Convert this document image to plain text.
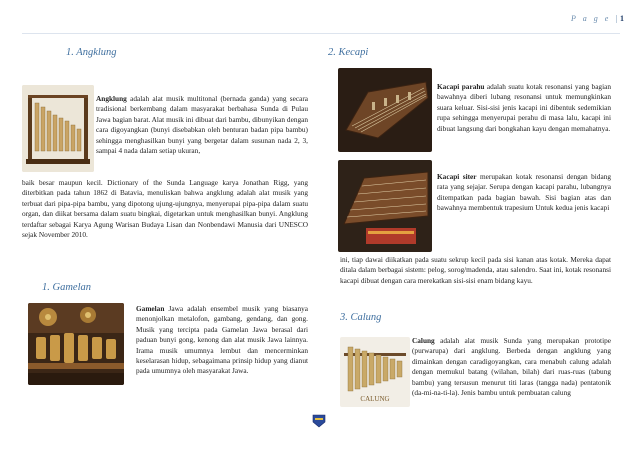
P a g e |1
1. Angklung
Angklung adalah alat musik multitonal (bernada ganda) yang secara tradisional berkembang dalam masyarakat berbahasa Sunda di Pulau Jawa bagian barat. Alat musik ini dibuat dari bambu, dibunyikan dengan cara digoyangkan (bunyi disebabkan oleh benturan badan pipa bambu) sehingga menghasilkan bunyi yang bergetar dalam susunan nada 2, 3, sampai 4 nada dalam setiap ukuran,
baik besar maupun kecil. Dictionary of the Sunda Language karya Jonathan Rigg, yang diterbitkan pada tahun 1862 di Batavia, menuliskan bahwa angklung adalah alat musik yang terbuat dari pipa-pipa bambu, yang dipotong ujung-ujungnya, menyerupai pipa-pipa dalam suatu organ, dan diikat bersama dalam suatu bingkai, digetarkan untuk menghasilkan bunyi. Angklung terdaftar sebagai Karya Agung Warisan Budaya Lisan dan Nonbendawi Manusia dari UNESCO sejak November 2010.
1. Gamelan
Gamelan Jawa adalah ensembel musik yang biasanya menonjolkan metalofon, gambang, gendang, dan gong. Musik yang tercipta pada Gamelan Jawa berasal dari paduan bunyi gong, kenong dan alat musik Jawa lainnya. Irama musik umumnya lembut dan mencerminkan keselarasan hidup, sebagaimana prinsip hidup yang dianut pada umumnya oleh masyarakat Jawa.
2. Kecapi
Kacapi parahu adalah suatu kotak resonansi yang bagian bawahnya diberi lubang resonansi untuk memungkinkan suara keluar. Sisi-sisi jenis kacapi ini dibentuk sedemikian rupa sehingga menyerupai perahu di masa lalu, kacapi ini dibuat langsung dari bongkahan kayu dengan memahatnya.
Kacapi siter merupakan kotak resonansi dengan bidang rata yang sejajar. Serupa dengan kacapi parahu, lubangnya ditempatkan pada bagian bawah. Sisi bagian atas dan bawahnya membentuk trapesium Untuk kedua jenis kacapi
ini, tiap dawai diikatkan pada suatu sekrup kecil pada sisi kanan atas kotak. Mereka dapat ditala dalam berbagai sistem: pelog, sorog/madenda, atau salendro. Saat ini, kotak resonansi kacapi dibuat dengan cara merekatkan sisi-sisi enam bidang kayu.
3. Calung
CALUNG
Calung adalah alat musik Sunda yang merupakan prototipe (purwarupa) dari angklung. Berbeda dengan angklung yang dimainkan dengan caradigoyangkan, cara menabuh calung adalah dengan memukul batang (wilahan, bilah) dari ruas-ruas (tabung bambu) yang tersusun menurut titi laras (tangga nada) pentatonik (da-mi-na-ti-la). Jenis bambu untuk pembuatan calung
